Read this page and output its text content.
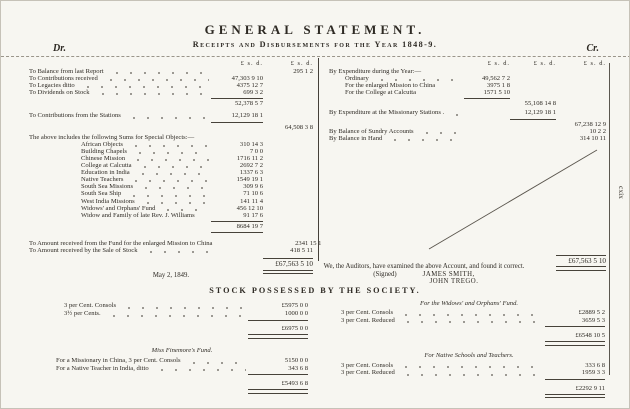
GENERAL STATEMENT.
Receipts and Disbursements for the Year 1848-9.
Dr.	Cr.
£ s. d.	£ s. d.
To Balance from last Report	295 1 2
To Contributions received	47,303 9 10
To Legacies ditto	4375 12 7
To Dividends on Stock	699 3 2
52,378 5 7
To Contributions from the Stations	12,129 18 1
64,508 3 8
The above includes the following Sums for Special Objects:—
African Objects	310 14 3
Building Chapels	7 0 0
Chinese Mission	1716 11 2
College at Calcutta	2692 7 2
Education in India	1337 6 3
Native Teachers	1549 19 1
South Sea Missions	309 9 6
South Sea Ship	71 10 6
West India Missions	141 11 4
Widows' and Orphans' Fund	456 12 10
Widow and Family of late Rev. J. Williams	91 17 6
8684 19 7
To Amount received from the Fund for the enlarged Mission to China	2341 15 1
To Amount received by the Sale of Stock	418 5 11
£67,563 5 10
£ s. d.	£ s. d.	£ s. d.
By Expenditure during the Year:—
Ordinary	49,562 7 2
For the enlarged Mission to China	3975 1 8
For the College at Calcutta	1571 5 10
55,108 14 8
By Expenditure at the Missionary Stations .	12,129 18 1
67,238 12 9
By Balance of Sundry Accounts	10 2 2
By Balance in Hand	314 10 11
£67,563 5 10
cxix
May 2, 1849.
We, the Auditors, have examined the above Account, and found it correct.
(Signed)	JAMES SMITH,
JOHN TREGO.
STOCK POSSESSED BY THE SOCIETY.
3 per Cent. Consols	£5975 0 0
3½ per Cents.	1000 0 0
£6975 0 0
Miss Finemore's Fund.
For a Missionary in China, 3 per Cent. Consols	5150 0 0
For a Native Teacher in India, ditto	343 6 8
£5493 6 8
For the Widows' and Orphans' Fund.
3 per Cent. Consols	£2889 5 2
3 per Cent. Reduced	3659 5 3
£6548 10 5
For Native Schools and Teachers.
3 per Cent. Consols	333 6 8
3 per Cent. Reduced	1959 3 3
£2292 9 11
